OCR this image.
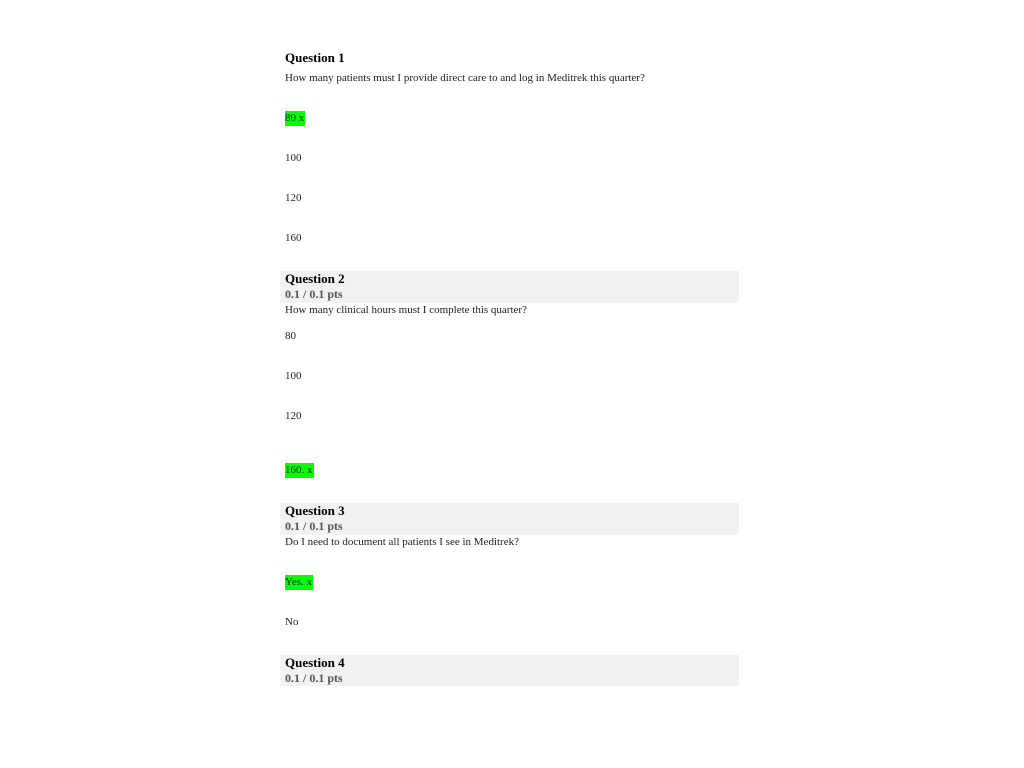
Question 1
How many patients must I provide direct care to and log in Meditrek this quarter?
80 x
100
120
160
Question 2
0.1 / 0.1 pts
How many clinical hours must I complete this quarter?
80
100
120
160. x
Question 3
0.1 / 0.1 pts
Do I need to document all patients I see in Meditrek?
Yes. x
No
Question 4
0.1 / 0.1 pts
